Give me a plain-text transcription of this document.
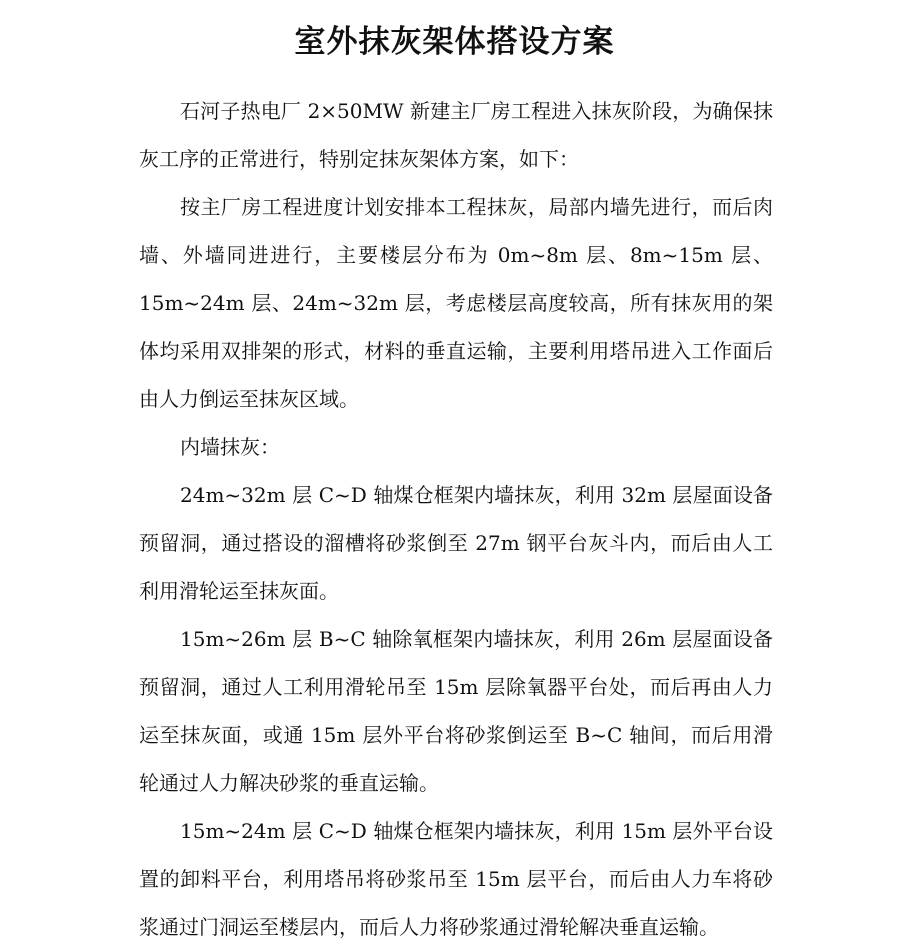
室外抹灰架体搭设方案

石河子热电厂 2×50MW 新建主厂房工程进入抹灰阶段，为确保抹灰工序的正常进行，特别定抹灰架体方案，如下：

按主厂房工程进度计划安排本工程抹灰，局部内墙先进行，而后肉墙、外墙同进进行，主要楼层分布为 0m~8m 层、8m~15m 层、15m~24m 层、24m~32m 层，考虑楼层高度较高，所有抹灰用的架体均采用双排架的形式，材料的垂直运输，主要利用塔吊进入工作面后由人力倒运至抹灰区域。

内墙抹灰：

24m~32m 层 C~D 轴煤仓框架内墙抹灰，利用 32m 层屋面设备预留洞，通过搭设的溜槽将砂浆倒至 27m 钢平台灰斗内，而后由人工利用滑轮运至抹灰面。

15m~26m 层 B~C 轴除氧框架内墙抹灰，利用 26m 层屋面设备预留洞，通过人工利用滑轮吊至 15m 层除氧器平台处，而后再由人力运至抹灰面，或通 15m 层外平台将砂浆倒运至 B~C 轴间，而后用滑轮通过人力解决砂浆的垂直运输。

15m~24m 层 C~D 轴煤仓框架内墙抹灰，利用 15m 层外平台设置的卸料平台，利用塔吊将砂浆吊至 15m 层平台，而后由人力车将砂浆通过门洞运至楼层内，而后人力将砂浆通过滑轮解决垂直运输。
